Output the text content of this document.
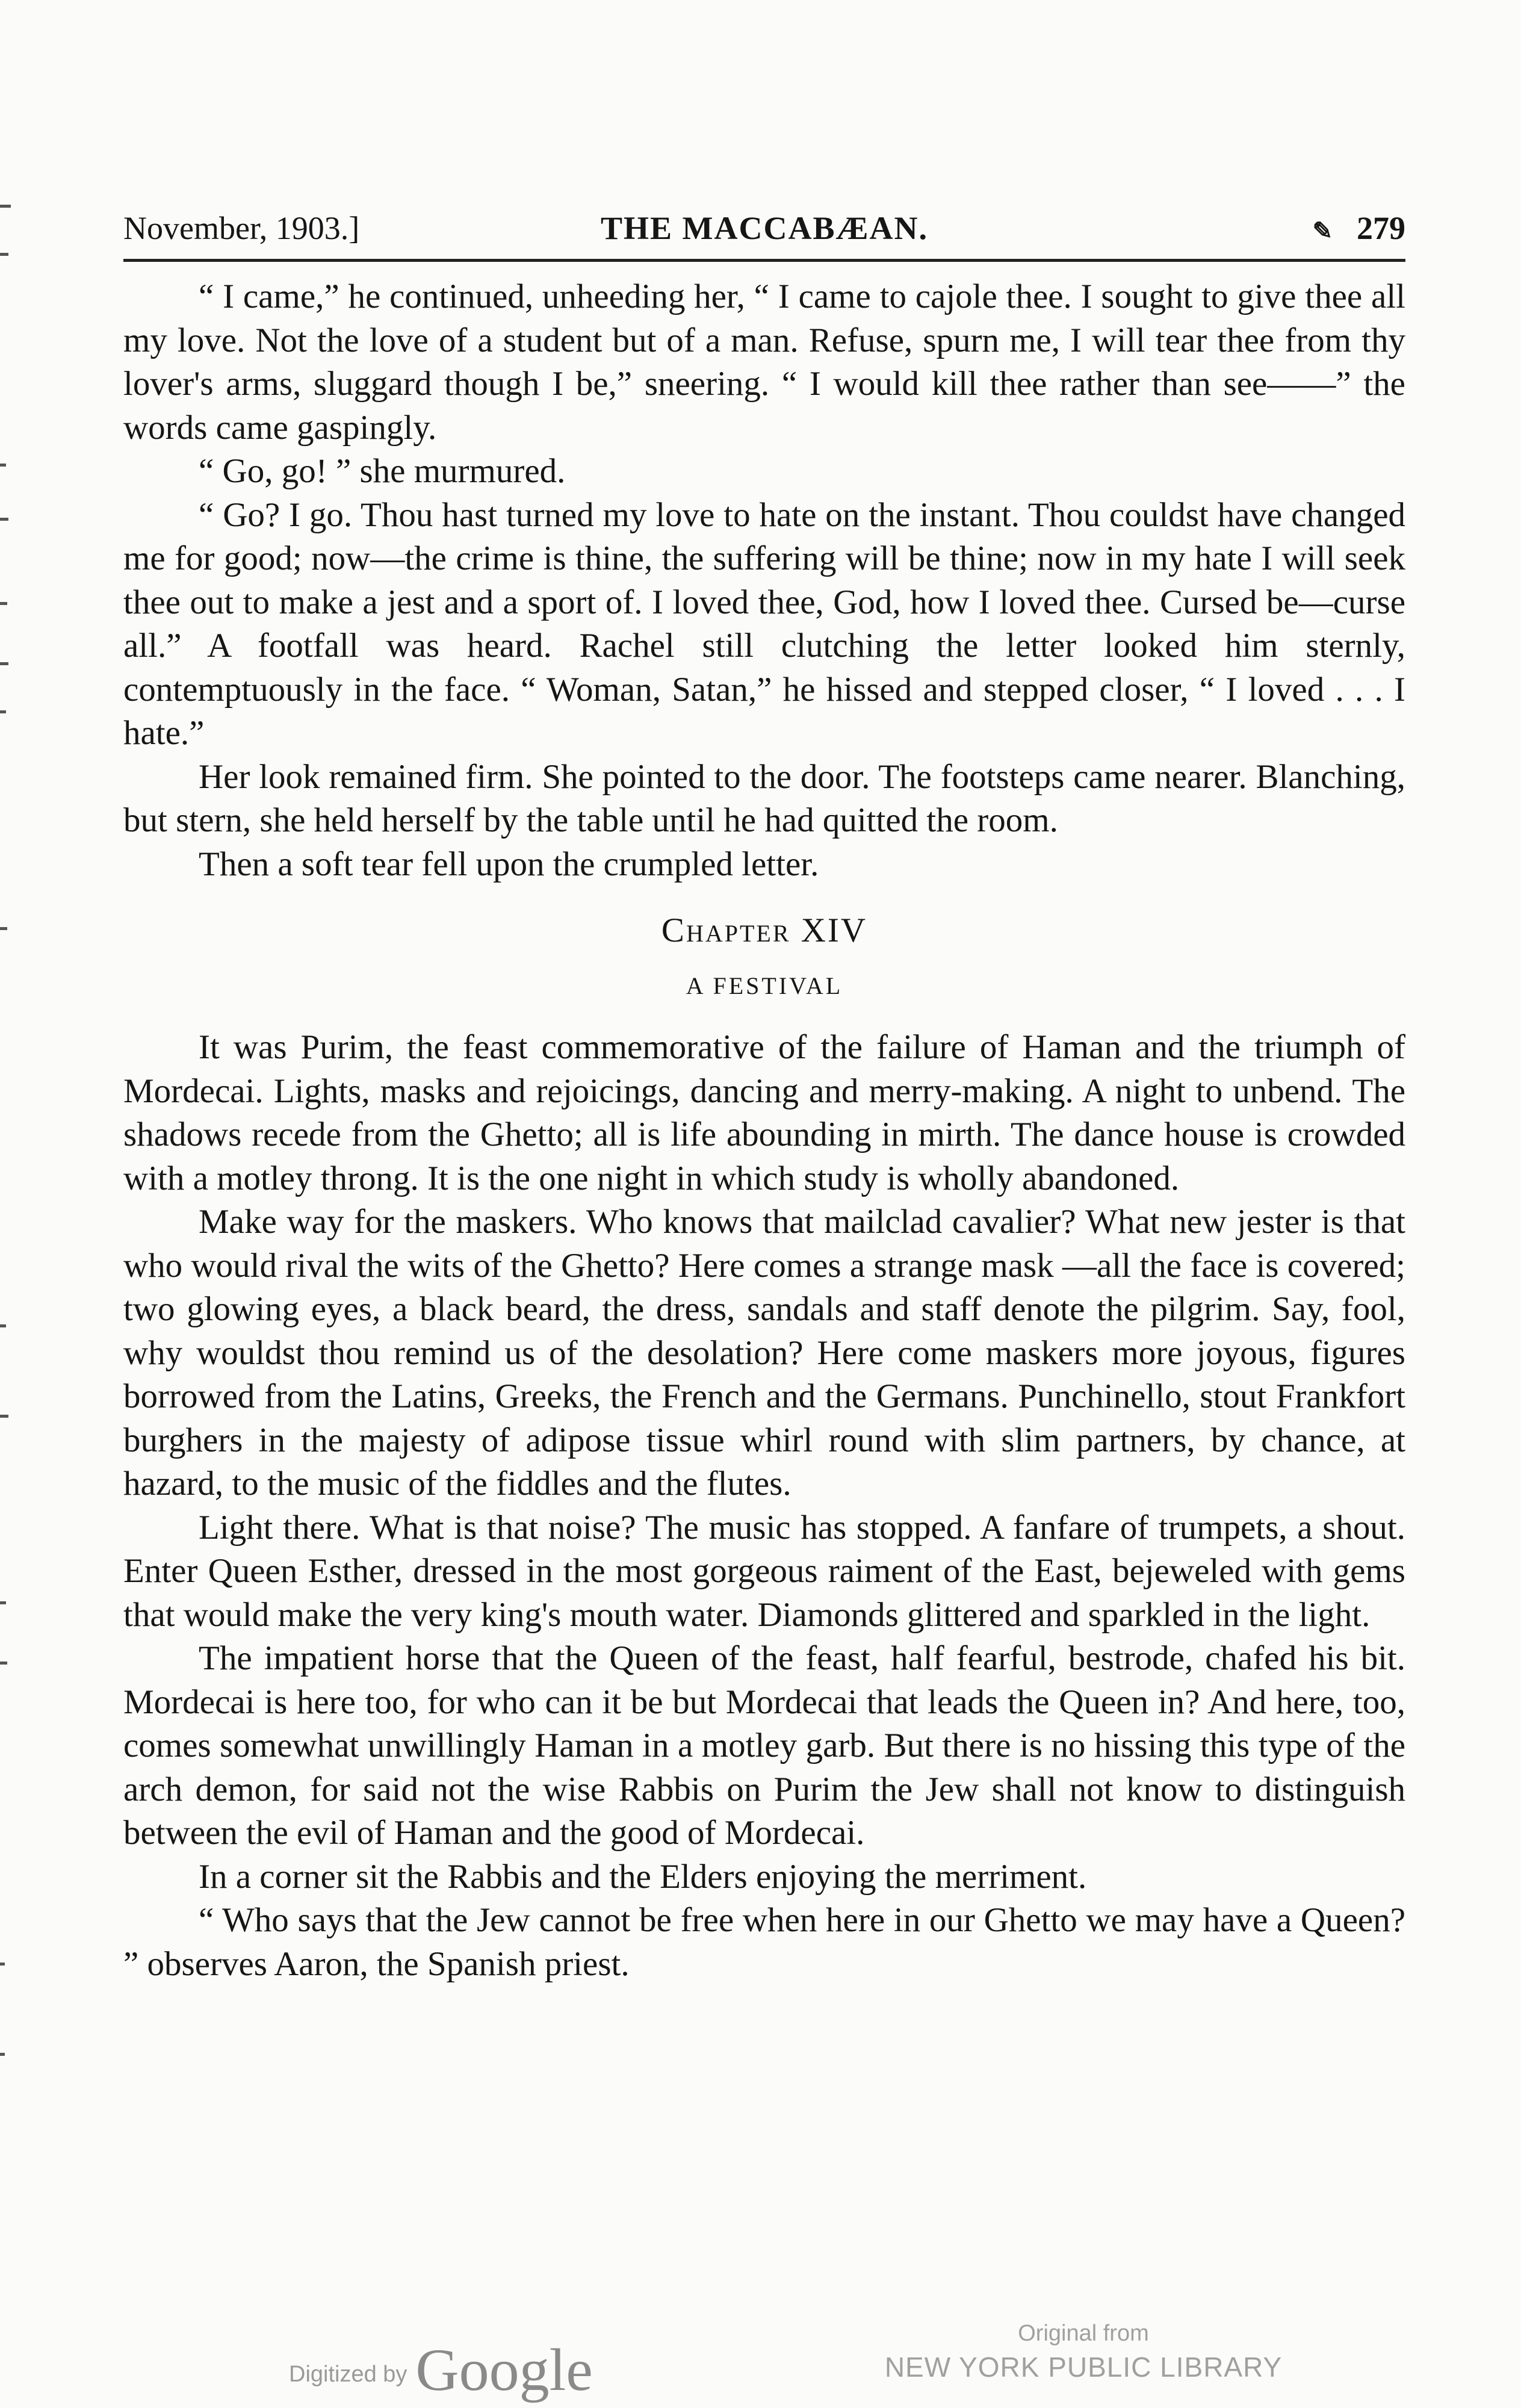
November, 1903.]	THE MACCABÆAN.	✎ 279

“ I came,” he continued, unheeding her, “ I came to cajole thee. I sought to give thee all my love. Not the love of a student but of a man. Refuse, spurn me, I will tear thee from thy lover's arms, sluggard though I be,” sneering. “ I would kill thee rather than see——” the words came gaspingly.

“ Go, go! ” she murmured.

“ Go? I go. Thou hast turned my love to hate on the instant. Thou couldst have changed me for good; now—the crime is thine, the suffering will be thine; now in my hate I will seek thee out to make a jest and a sport of. I loved thee, God, how I loved thee. Cursed be—curse all.” A footfall was heard. Rachel still clutching the letter looked him sternly, contemptuously in the face. “ Woman, Satan,” he hissed and stepped closer, “ I loved . . . I hate.”

Her look remained firm. She pointed to the door. The footsteps came nearer. Blanching, but stern, she held herself by the table until he had quitted the room.

Then a soft tear fell upon the crumpled letter.

Chapter XIV
A FESTIVAL

It was Purim, the feast commemorative of the failure of Haman and the triumph of Mordecai. Lights, masks and rejoicings, dancing and merry-making. A night to unbend. The shadows recede from the Ghetto; all is life abounding in mirth. The dance house is crowded with a motley throng. It is the one night in which study is wholly abandoned.

Make way for the maskers. Who knows that mailclad cavalier? What new jester is that who would rival the wits of the Ghetto? Here comes a strange mask —all the face is covered; two glowing eyes, a black beard, the dress, sandals and staff denote the pilgrim. Say, fool, why wouldst thou remind us of the desolation? Here come maskers more joyous, figures borrowed from the Latins, Greeks, the French and the Germans. Punchinello, stout Frankfort burghers in the majesty of adipose tissue whirl round with slim partners, by chance, at hazard, to the music of the fiddles and the flutes.

Light there. What is that noise? The music has stopped. A fanfare of trumpets, a shout. Enter Queen Esther, dressed in the most gorgeous raiment of the East, bejeweled with gems that would make the very king's mouth water. Diamonds glittered and sparkled in the light.

The impatient horse that the Queen of the feast, half fearful, bestrode, chafed his bit. Mordecai is here too, for who can it be but Mordecai that leads the Queen in? And here, too, comes somewhat unwillingly Haman in a motley garb. But there is no hissing this type of the arch demon, for said not the wise Rabbis on Purim the Jew shall not know to distinguish between the evil of Haman and the good of Mordecai.

In a corner sit the Rabbis and the Elders enjoying the merriment.

“ Who says that the Jew cannot be free when here in our Ghetto we may have a Queen? ” observes Aaron, the Spanish priest.

Digitized by Google
Original from
NEW YORK PUBLIC LIBRARY
